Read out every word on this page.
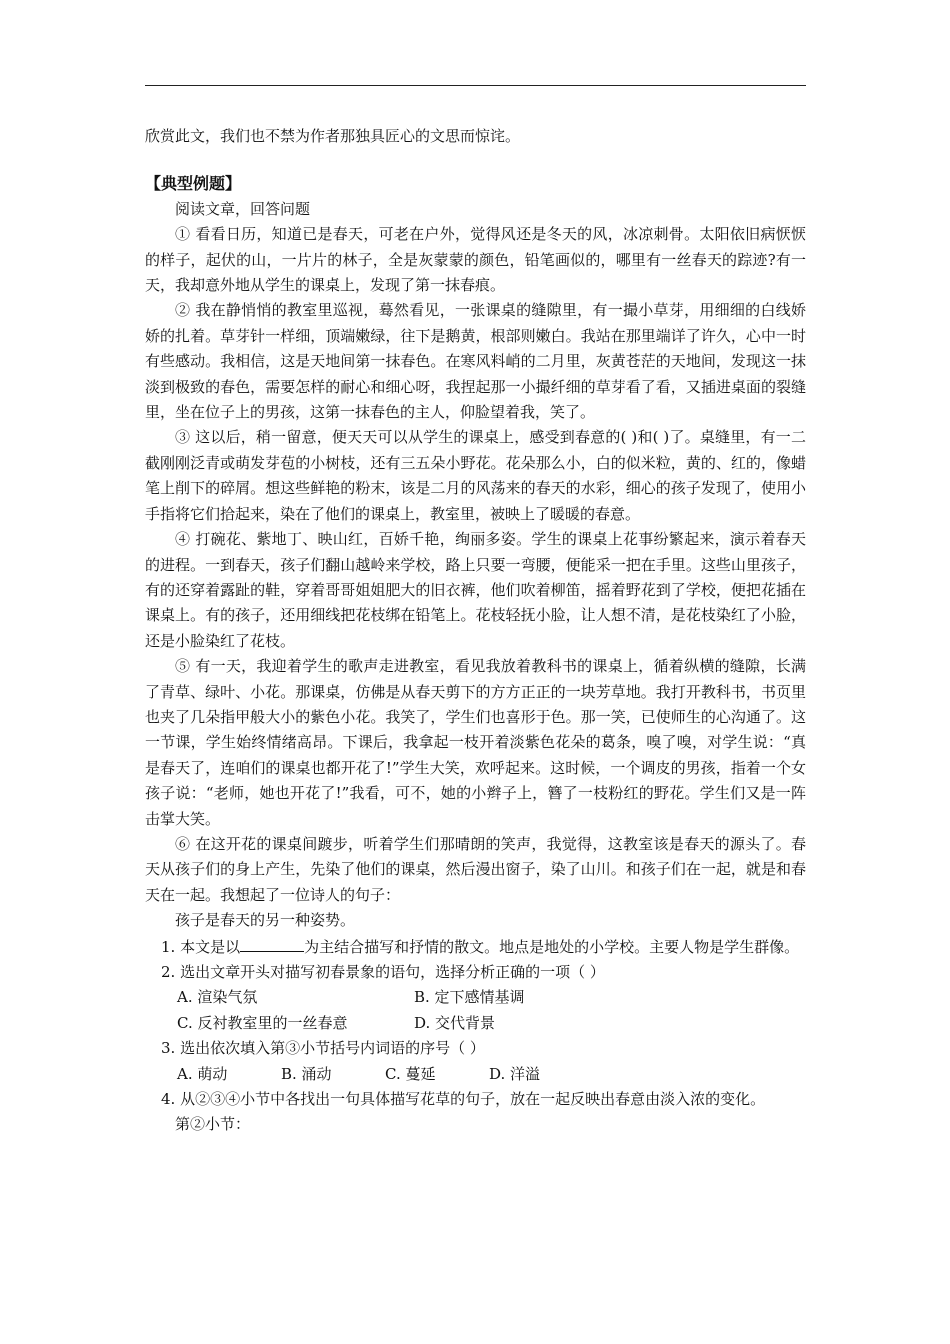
欣赏此文，我们也不禁为作者那独具匠心的文思而惊诧。

【典型例题】

阅读文章，回答问题

① 看看日历，知道已是春天，可老在户外，觉得风还是冬天的风，冰凉刺骨。太阳依旧病恹恹的样子，起伏的山，一片片的林子，全是灰蒙蒙的颜色，铅笔画似的，哪里有一丝春天的踪迹?有一天，我却意外地从学生的课桌上，发现了第一抹春痕。

② 我在静悄悄的教室里巡视，蓦然看见，一张课桌的缝隙里，有一撮小草芽，用细细的白线娇娇的扎着。草芽针一样细，顶端嫩绿，往下是鹅黄，根部则嫩白。我站在那里端详了许久，心中一时有些感动。我相信，这是天地间第一抹春色。在寒风料峭的二月里，灰黄苍茫的天地间，发现这一抹淡到极致的春色，需要怎样的耐心和细心呀，我捏起那一小撮纤细的草芽看了看，又插进桌面的裂缝里，坐在位子上的男孩，这第一抹春色的主人，仰脸望着我，笑了。

③ 这以后，稍一留意，便天天可以从学生的课桌上，感受到春意的( )和( )了。桌缝里，有一二截刚刚泛青或萌发芽苞的小树枝，还有三五朵小野花。花朵那么小，白的似米粒，黄的、红的，像蜡笔上削下的碎屑。想这些鲜艳的粉末，该是二月的风荡来的春天的水彩，细心的孩子发现了，使用小手指将它们拾起来，染在了他们的课桌上，教室里，被映上了暖暖的春意。

④ 打碗花、紫地丁、映山红，百娇千艳，绚丽多姿。学生的课桌上花事纷繁起来，演示着春天的进程。一到春天，孩子们翻山越岭来学校，路上只要一弯腰，便能采一把在手里。这些山里孩子，有的还穿着露趾的鞋，穿着哥哥姐姐肥大的旧衣裤，他们吹着柳笛，摇着野花到了学校，便把花插在课桌上。有的孩子，还用细线把花枝绑在铅笔上。花枝轻抚小脸，让人想不清，是花枝染红了小脸，还是小脸染红了花枝。

⑤ 有一天，我迎着学生的歌声走进教室，看见我放着教科书的课桌上，循着纵横的缝隙，长满了青草、绿叶、小花。那课桌，仿佛是从春天剪下的方方正正的一块芳草地。我打开教科书，书页里也夹了几朵指甲般大小的紫色小花。我笑了，学生们也喜形于色。那一笑，已使师生的心沟通了。这一节课，学生始终情绪高昂。下课后，我拿起一枝开着淡紫色花朵的葛条，嗅了嗅，对学生说：“真是春天了，连咱们的课桌也都开花了!”学生大笑，欢呼起来。这时候，一个调皮的男孩，指着一个女孩子说：“老师，她也开花了!”我看，可不，她的小辫子上，簪了一枝粉红的野花。学生们又是一阵击掌大笑。

⑥ 在这开花的课桌间踱步，听着学生们那晴朗的笑声，我觉得，这教室该是春天的源头了。春天从孩子们的身上产生，先染了他们的课桌，然后漫出窗子，染了山川。和孩子们在一起，就是和春天在一起。我想起了一位诗人的句子：

孩子是春天的另一种姿势。

1. 本文是以	为主结合描写和抒情的散文。地点是地处的小学校。主要人物是学生群像。

2. 选出文章开头对描写初春景象的语句，选择分析正确的一项（ ）

A. 渲染气氛	B. 定下感情基调
C. 反衬教室里的一丝春意	D. 交代背景

3. 选出依次填入第③小节括号内词语的序号（ ）

A. 萌动	B. 涌动	C. 蔓延	D. 洋溢

4. 从②③④小节中各找出一句具体描写花草的句子，放在一起反映出春意由淡入浓的变化。

第②小节：
